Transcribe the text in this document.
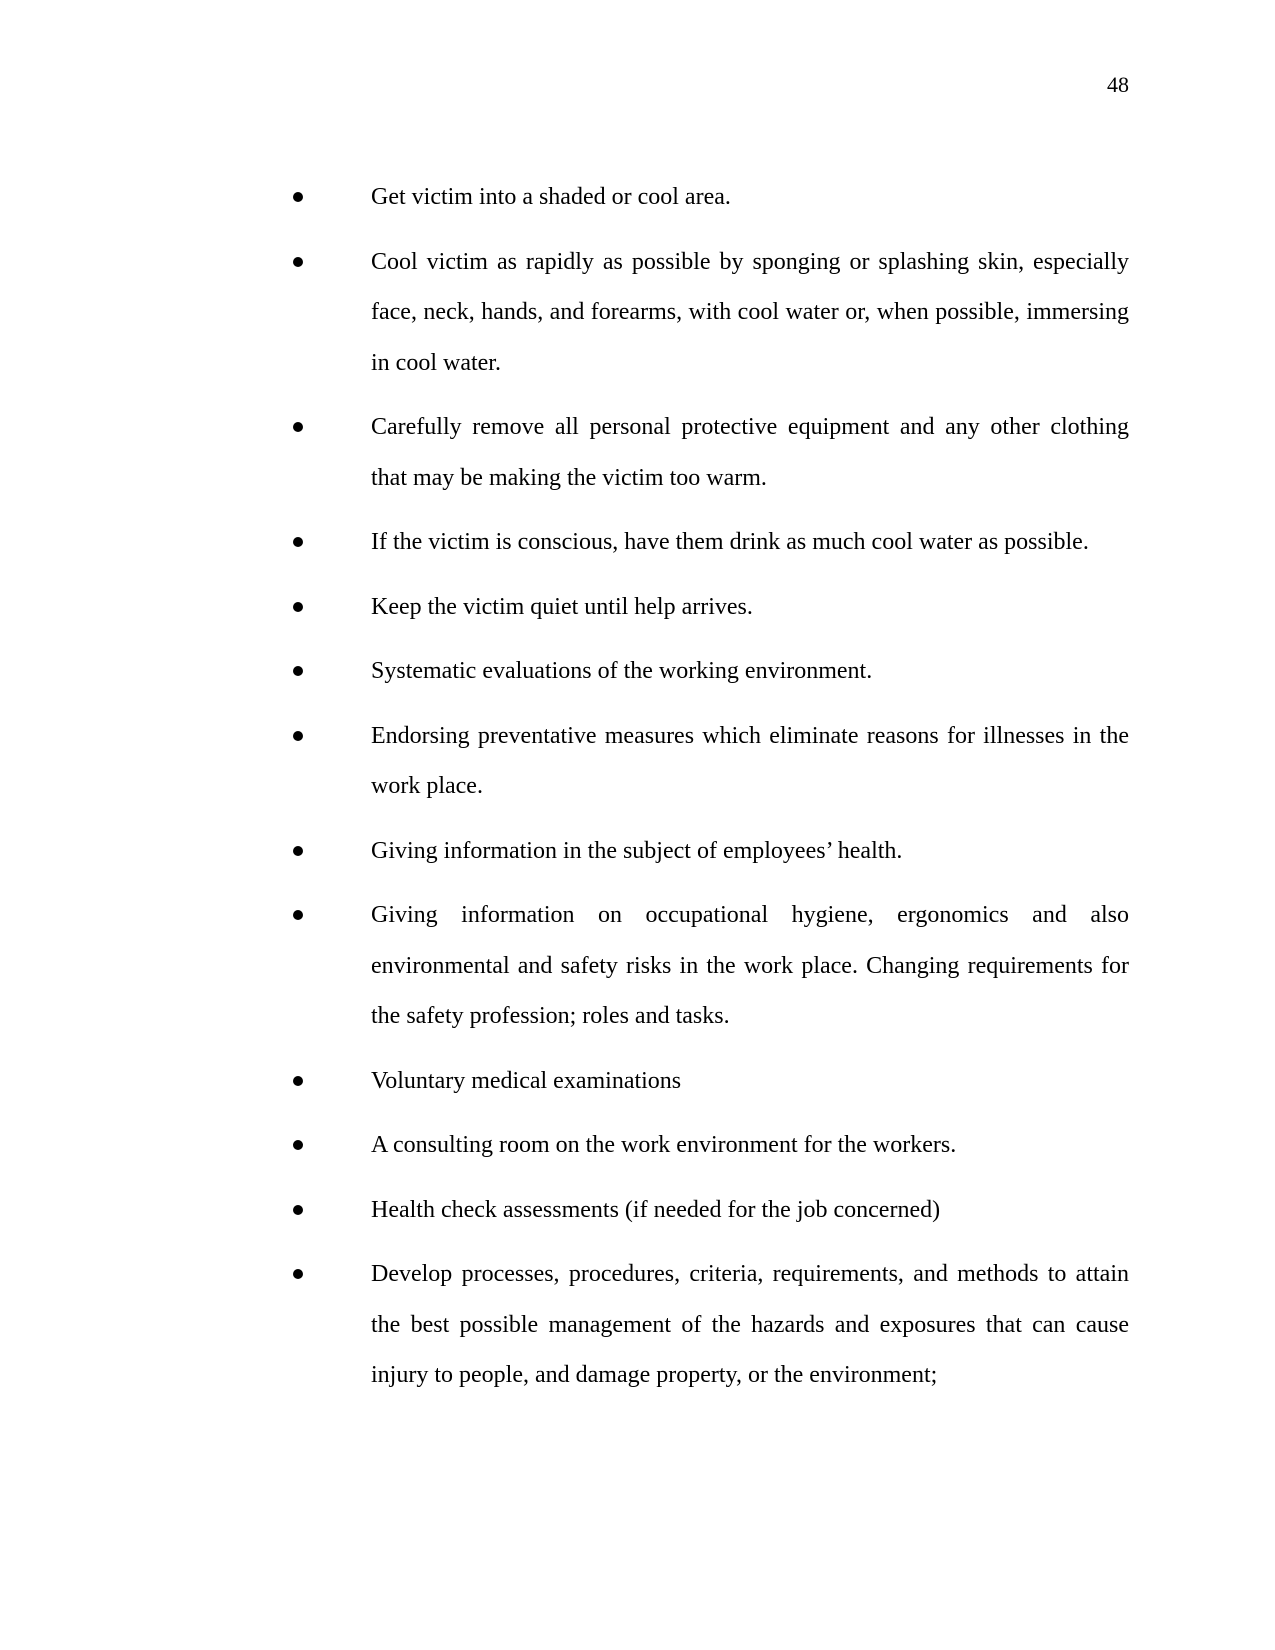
48
Get victim into a shaded or cool area.
Cool victim as rapidly as possible by sponging or splashing skin, especially face, neck, hands, and forearms, with cool water or, when possible, immersing in cool water.
Carefully remove all personal protective equipment and any other clothing that may be making the victim too warm.
If the victim is conscious, have them drink as much cool water as possible.
Keep the victim quiet until help arrives.
Systematic evaluations of the working environment.
Endorsing preventative measures which eliminate reasons for illnesses in the work place.
Giving information in the subject of employees’ health.
Giving information on occupational hygiene, ergonomics and also environmental and safety risks in the work place. Changing requirements for the safety profession; roles and tasks.
Voluntary medical examinations
A consulting room on the work environment for the workers.
Health check assessments (if needed for the job concerned)
Develop processes, procedures, criteria, requirements, and methods to attain the best possible management of the hazards and exposures that can cause injury to people, and damage property, or the environment;
